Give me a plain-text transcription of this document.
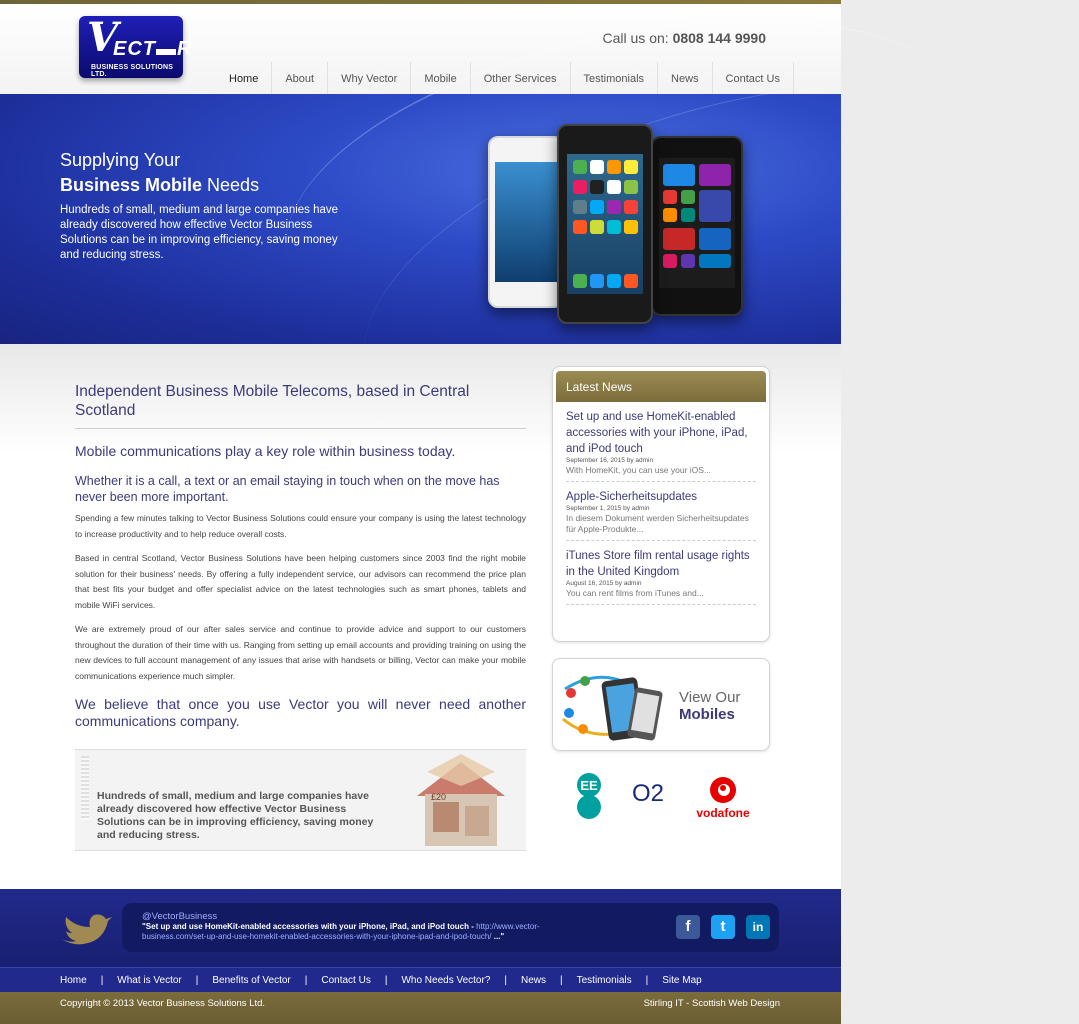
V
ECT▬R
BUSINESS SOLUTIONS LTD.
Call us on: 0808 144 9990
Home	About	Why Vector	Mobile	Other Services	Testimonials	News	Contact Us
Supplying Your
Business Mobile Needs

Hundreds of small, medium and large companies have already discovered how effective Vector Business Solutions can be in improving efficiency, saving money and reducing stress.

Independent Business Mobile Telecoms, based in Central Scotland
Mobile communications play a key role within business today.
Whether it is a call, a text or an email staying in touch when on the move has never been more important.

Spending a few minutes talking to Vector Business Solutions could ensure your company is using the latest technology to increase productivity and to help reduce overall costs.

Based in central Scotland, Vector Business Solutions have been helping customers since 2003 find the right mobile solution for their business' needs. By offering a fully independent service, our advisors can recommend the price plan that best fits your budget and offer specialist advice on the latest technologies such as smart phones, tablets and mobile WiFi services.

We are extremely proud of our after sales service and continue to provide advice and support to our customers throughout the duration of their time with us. Ranging from setting up email accounts and providing training on using the new devices to full account management of any issues that arise with handsets or billing, Vector can make your mobile communications experience much simpler.

We believe that once you use Vector you will never need another communications company.
Hundreds of small, medium and large companies have already discovered how effective Vector Business Solutions can be in improving efficiency, saving money and reducing stress.
£20
Latest News
Set up and use HomeKit-enabled accessories with your iPhone, iPad, and iPod touch
September 16, 2015 by admin
With HomeKit, you can use your iOS...
Apple-Sicherheitsupdates
September 1, 2015 by admin
In diesem Dokument werden Sicherheitsupdates für Apple-Produkte...
iTunes Store film rental usage rights in the United Kingdom
August 16, 2015 by admin
You can rent films from iTunes and...
View Our
Mobiles
EE O2
vodafone
@VectorBusiness
"Set up and use HomeKit-enabled accessories with your iPhone, iPad, and iPod touch - http://www.vector-business.com/set-up-and-use-homekit-enabled-accessories-with-your-iphone-ipad-and-ipod-touch/ ..."
f	t	in
Home | What is Vector | Benefits of Vector | Contact Us | Who Needs Vector? | News | Testimonials | Site Map
Copyright © 2013 Vector Business Solutions Ltd.	Stirling IT - Scottish Web Design
